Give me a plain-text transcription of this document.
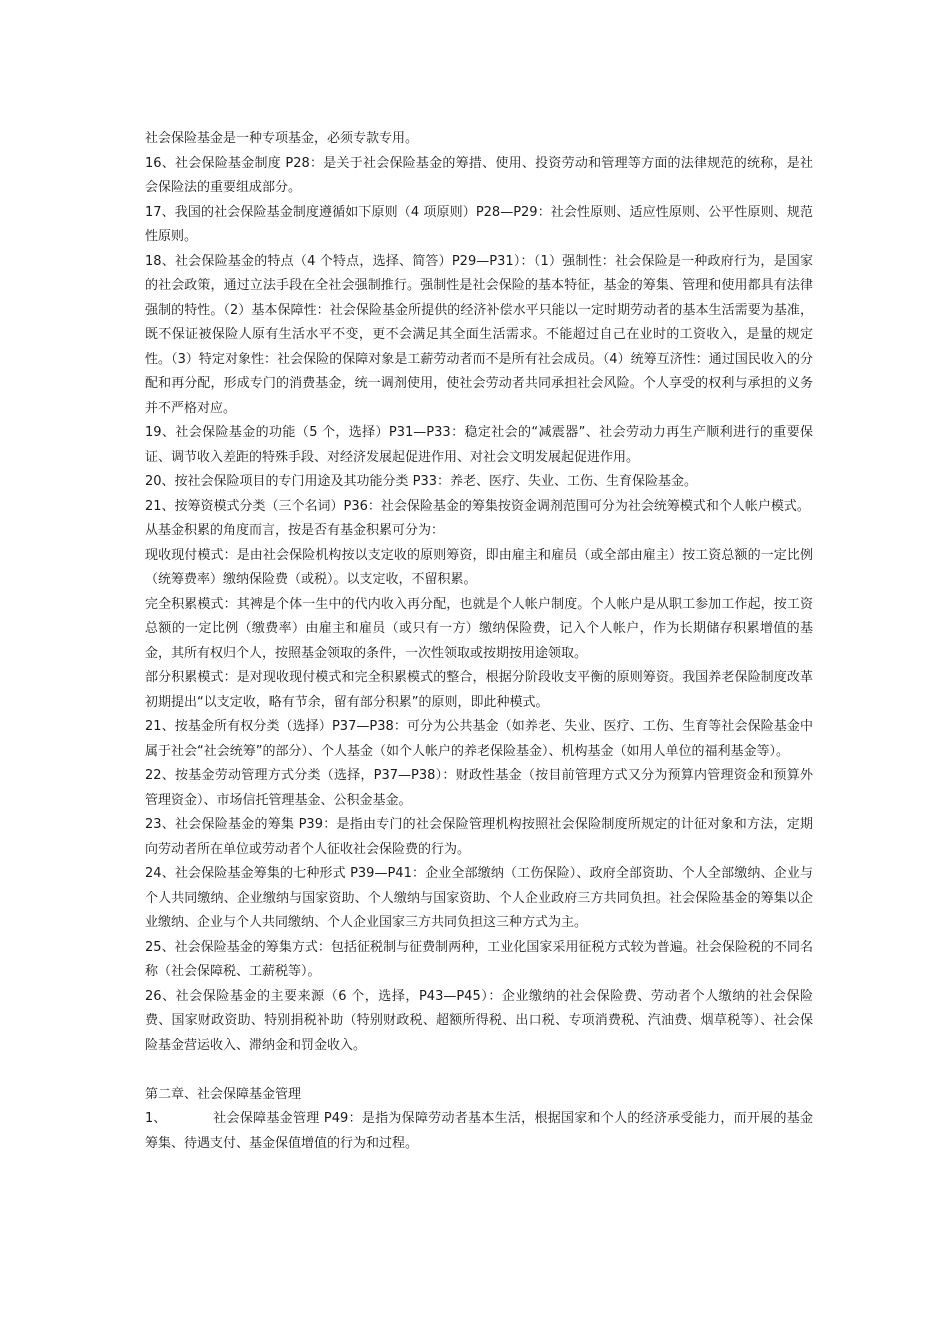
社会保险基金是一种专项基金，必须专款专用。

16、社会保险基金制度 P28：是关于社会保险基金的筹措、使用、投资劳动和管理等方面的法律规范的统称，是社会保险法的重要组成部分。

17、我国的社会保险基金制度遵循如下原则（4 项原则）P28—P29：社会性原则、适应性原则、公平性原则、规范性原则。

18、社会保险基金的特点（4 个特点，选择、简答）P29—P31）：（1）强制性：社会保险是一种政府行为，是国家的社会政策，通过立法手段在全社会强制推行。强制性是社会保险的基本特征，基金的筹集、管理和使用都具有法律强制的特性。（2）基本保障性：社会保险基金所提供的经济补偿水平只能以一定时期劳动者的基本生活需要为基准，既不保证被保险人原有生活水平不变，更不会满足其全面生活需求。不能超过自己在业时的工资收入，是量的规定性。（3）特定对象性：社会保险的保障对象是工薪劳动者而不是所有社会成员。（4）统筹互济性：通过国民收入的分配和再分配，形成专门的消费基金，统一调剂使用，使社会劳动者共同承担社会风险。个人享受的权利与承担的义务并不严格对应。

19、社会保险基金的功能（5 个，选择）P31—P33：稳定社会的“减震器”、社会劳动力再生产顺利进行的重要保证、调节收入差距的特殊手段、对经济发展起促进作用、对社会文明发展起促进作用。

20、按社会保险项目的专门用途及其功能分类 P33：养老、医疗、失业、工伤、生育保险基金。

21、按筹资模式分类（三个名词）P36：社会保险基金的筹集按资金调剂范围可分为社会统筹模式和个人帐户模式。

从基金积累的角度而言，按是否有基金积累可分为：

现收现付模式：是由社会保险机构按以支定收的原则筹资，即由雇主和雇员（或全部由雇主）按工资总额的一定比例（统筹费率）缴纳保险费（或税）。以支定收，不留积累。

完全积累模式：其裨是个体一生中的代内收入再分配，也就是个人帐户制度。个人帐户是从职工参加工作起，按工资总额的一定比例（缴费率）由雇主和雇员（或只有一方）缴纳保险费，记入个人帐户，作为长期储存积累增值的基金，其所有权归个人，按照基金领取的条件，一次性领取或按期按用途领取。

部分积累模式：是对现收现付模式和完全积累模式的整合，根据分阶段收支平衡的原则筹资。我国养老保险制度改革初期提出“以支定收，略有节余，留有部分积累”的原则，即此种模式。

21、按基金所有权分类（选择）P37—P38：可分为公共基金（如养老、失业、医疗、工伤、生育等社会保险基金中属于社会“社会统筹”的部分）、个人基金（如个人帐户的养老保险基金）、机构基金（如用人单位的福利基金等）。

22、按基金劳动管理方式分类（选择，P37—P38）：财政性基金（按目前管理方式又分为预算内管理资金和预算外管理资金）、市场信托管理基金、公积金基金。

23、社会保险基金的筹集 P39：是指由专门的社会保险管理机构按照社会保险制度所规定的计征对象和方法，定期向劳动者所在单位或劳动者个人征收社会保险费的行为。

24、社会保险基金筹集的七种形式 P39—P41：企业全部缴纳（工伤保险）、政府全部资助、个人全部缴纳、企业与个人共同缴纳、企业缴纳与国家资助、个人缴纳与国家资助、个人企业政府三方共同负担。社会保险基金的筹集以企业缴纳、企业与个人共同缴纳、个人企业国家三方共同负担这三种方式为主。

25、社会保险基金的筹集方式：包括征税制与征费制两种，工业化国家采用征税方式较为普遍。社会保险税的不同名称（社会保障税、工薪税等）。

26、社会保险基金的主要来源（6 个，选择，P43—P45）：企业缴纳的社会保险费、劳动者个人缴纳的社会保险费、国家财政资助、特别捐税补助（特别财政税、超额所得税、出口税、专项消费税、汽油费、烟草税等）、社会保险基金营运收入、滞纳金和罚金收入。

第二章、社会保障基金管理

1、	社会保障基金管理 P49：是指为保障劳动者基本生活，根据国家和个人的经济承受能力，而开展的基金筹集、待遇支付、基金保值增值的行为和过程。
